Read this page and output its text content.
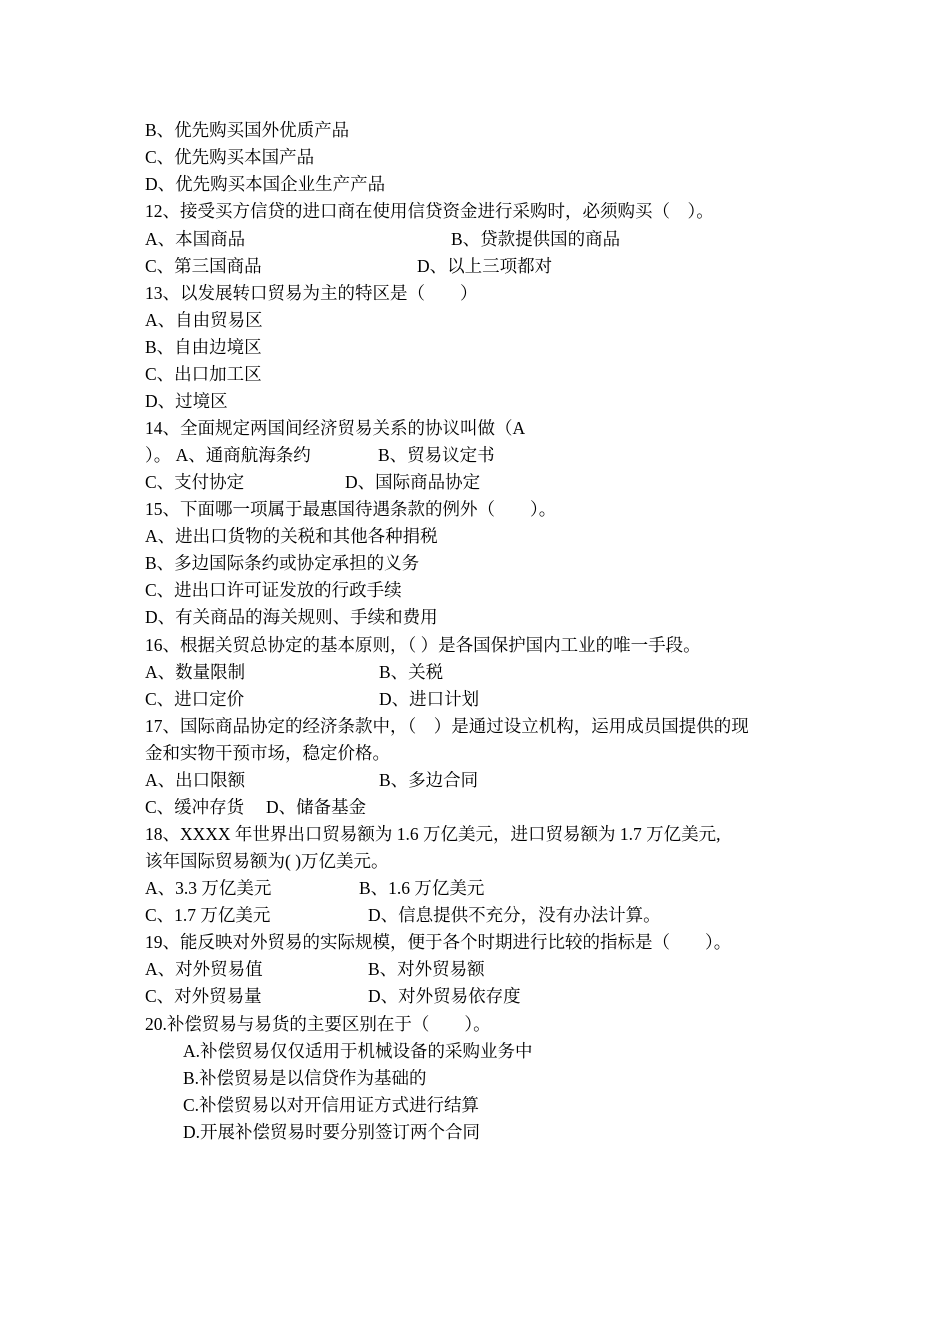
B、优先购买国外优质产品
C、优先购买本国产品
D、优先购买本国企业生产产品
12、接受买方信贷的进口商在使用信贷资金进行采购时，必须购买（　）。
A、本国商品	B、贷款提供国的商品
C、第三国商品	D、以上三项都对
13、以发展转口贸易为主的特区是（　　）
A、自由贸易区
B、自由边境区
C、出口加工区
D、过境区
14、全面规定两国间经济贸易关系的协议叫做（A
）。 A、通商航海条约	B、贸易议定书
C、支付协定	D、国际商品协定
15、下面哪一项属于最惠国待遇条款的例外（　　）。
A、进出口货物的关税和其他各种捐税
B、多边国际条约或协定承担的义务
C、进出口许可证发放的行政手续
D、有关商品的海关规则、手续和费用
16、根据关贸总协定的基本原则，（ ）是各国保护国内工业的唯一手段。
A、数量限制	B、关税
C、进口定价	D、进口计划
17、国际商品协定的经济条款中，（　）是通过设立机构，运用成员国提供的现
金和实物干预市场，稳定价格。
A、出口限额	B、多边合同
C、缓冲存货　 D、储备基金
18、XXXX 年世界出口贸易额为 1.6 万亿美元，进口贸易额为 1.7 万亿美元,
该年国际贸易额为( )万亿美元。
A、3.3 万亿美元	B、1.6 万亿美元
C、1.7 万亿美元	D、信息提供不充分，没有办法计算。
19、能反映对外贸易的实际规模，便于各个时期进行比较的指标是（　　）。
A、对外贸易值	B、对外贸易额
C、对外贸易量	D、对外贸易依存度
20.补偿贸易与易货的主要区别在于（　　）。
A.补偿贸易仅仅适用于机械设备的采购业务中
B.补偿贸易是以信贷作为基础的
C.补偿贸易以对开信用证方式进行结算
D.开展补偿贸易时要分别签订两个合同
